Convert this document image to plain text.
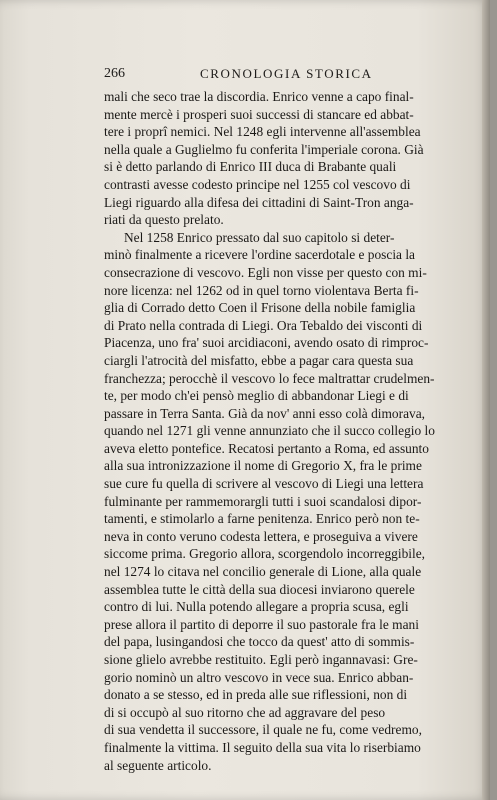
266	CRONOLOGIA STORICA
mali che seco trae la discordia. Enrico venne a capo final-
mente mercè i prosperi suoi successi di stancare ed abbat-
tere i proprî nemici. Nel 1248 egli intervenne all'assemblea
nella quale a Guglielmo fu conferita l'imperiale corona. Già
si è detto parlando di Enrico III duca di Brabante quali
contrasti avesse codesto principe nel 1255 col vescovo di
Liegi riguardo alla difesa dei cittadini di Saint-Tron anga-
riati da questo prelato.
Nel 1258 Enrico pressato dal suo capitolo si deter-
minò finalmente a ricevere l'ordine sacerdotale e poscia la
consecrazione di vescovo. Egli non visse per questo con mi-
nore licenza: nel 1262 od in quel torno violentava Berta fi-
glia di Corrado detto Coen il Frisone della nobile famiglia
di Prato nella contrada di Liegi. Ora Tebaldo dei visconti di
Piacenza, uno fra' suoi arcidiaconi, avendo osato di rimproc-
ciargli l'atrocità del misfatto, ebbe a pagar cara questa sua
franchezza; perocchè il vescovo lo fece maltrattar crudelmen-
te, per modo ch'ei pensò meglio di abbandonar Liegi e di
passare in Terra Santa. Già da nov' anni esso colà dimorava,
quando nel 1271 gli venne annunziato che il succo collegio lo
aveva eletto pontefice. Recatosi pertanto a Roma, ed assunto
alla sua intronizzazione il nome di Gregorio X, fra le prime
sue cure fu quella di scrivere al vescovo di Liegi una lettera
fulminante per rammemorargli tutti i suoi scandalosi dipor-
tamenti, e stimolarlo a farne penitenza. Enrico però non te-
neva in conto veruno codesta lettera, e proseguiva a vivere
siccome prima. Gregorio allora, scorgendolo incorreggibile,
nel 1274 lo citava nel concilio generale di Lione, alla quale
assemblea tutte le città della sua diocesi inviarono querele
contro di lui. Nulla potendo allegare a propria scusa, egli
prese allora il partito di deporre il suo pastorale fra le mani
del papa, lusingandosi che tocco da quest' atto di sommis-
sione glielo avrebbe restituito. Egli però ingannavasi: Gre-
gorio nominò un altro vescovo in vece sua. Enrico abban-
donato a se stesso, ed in preda alle sue riflessioni, non di
di si occupò al suo ritorno che ad aggravare del peso
di sua vendetta il successore, il quale ne fu, come vedremo,
finalmente la vittima. Il seguito della sua vita lo riserbiamo
al seguente articolo.
